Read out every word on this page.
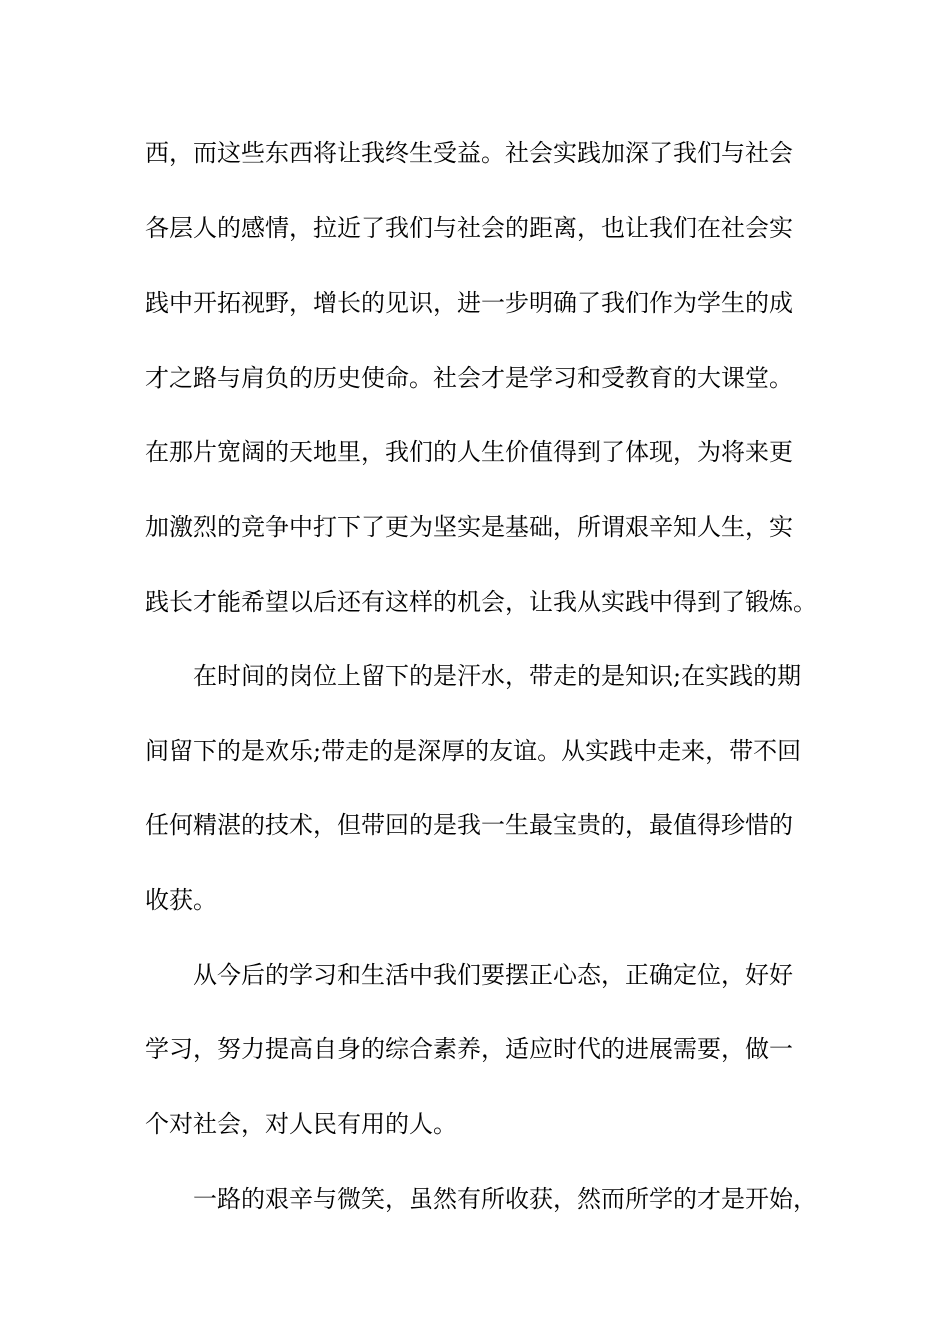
西，而这些东西将让我终生受益。社会实践加深了我们与社会

各层人的感情，拉近了我们与社会的距离，也让我们在社会实

践中开拓视野，增长的见识，进一步明确了我们作为学生的成

才之路与肩负的历史使命。社会才是学习和受教育的大课堂。

在那片宽阔的天地里，我们的人生价值得到了体现，为将来更

加激烈的竞争中打下了更为坚实是基础，所谓艰辛知人生，实

践长才能希望以后还有这样的机会，让我从实践中得到了锻炼。

在时间的岗位上留下的是汗水，带走的是知识;在实践的期

间留下的是欢乐;带走的是深厚的友谊。从实践中走来，带不回

任何精湛的技术，但带回的是我一生最宝贵的，最值得珍惜的

收获。

从今后的学习和生活中我们要摆正心态，正确定位，好好

学习，努力提高自身的综合素养，适应时代的进展需要，做一

个对社会，对人民有用的人。

一路的艰辛与微笑，虽然有所收获，然而所学的才是开始，
